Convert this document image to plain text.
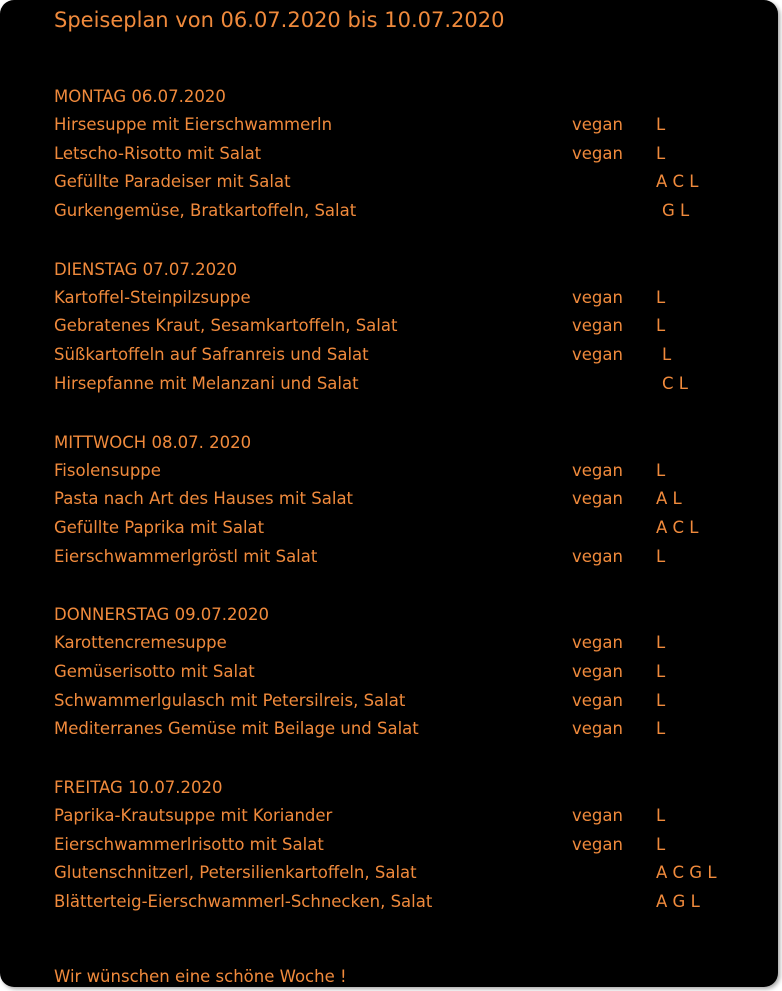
Speiseplan von 06.07.2020 bis 10.07.2020
MONTAG 06.07.2020
Hirsesuppe mit Eierschwammerln	vegan L
Letscho-Risotto mit Salat	vegan L
Gefüllte Paradeiser mit Salat	A C L
Gurkengemüse, Bratkartoffeln, Salat	G L
DIENSTAG 07.07.2020
Kartoffel-Steinpilzsuppe	vegan L
Gebratenes Kraut, Sesamkartoffeln, Salat	vegan L
Süßkartoffeln auf Safranreis und Salat	vegan L
Hirsepfanne mit Melanzani und Salat	C L
MITTWOCH 08.07. 2020
Fisolensuppe	vegan L
Pasta nach Art des Hauses mit Salat	vegan A L
Gefüllte Paprika mit Salat	A C L
Eierschwammerlgröstl mit Salat	vegan L
DONNERSTAG 09.07.2020
Karottencremesuppe	vegan L
Gemüserisotto mit Salat	vegan L
Schwammerlgulasch mit Petersilreis, Salat	vegan L
Mediterranes Gemüse mit Beilage und Salat	vegan L
FREITAG 10.07.2020
Paprika-Krautsuppe mit Koriander	vegan L
Eierschwammerlrisotto mit Salat	vegan L
Glutenschnitzerl, Petersilienkartoffeln, Salat	A C G L
Blätterteig-Eierschwammerl-Schnecken, Salat	A G L
Wir wünschen eine schöne Woche !
